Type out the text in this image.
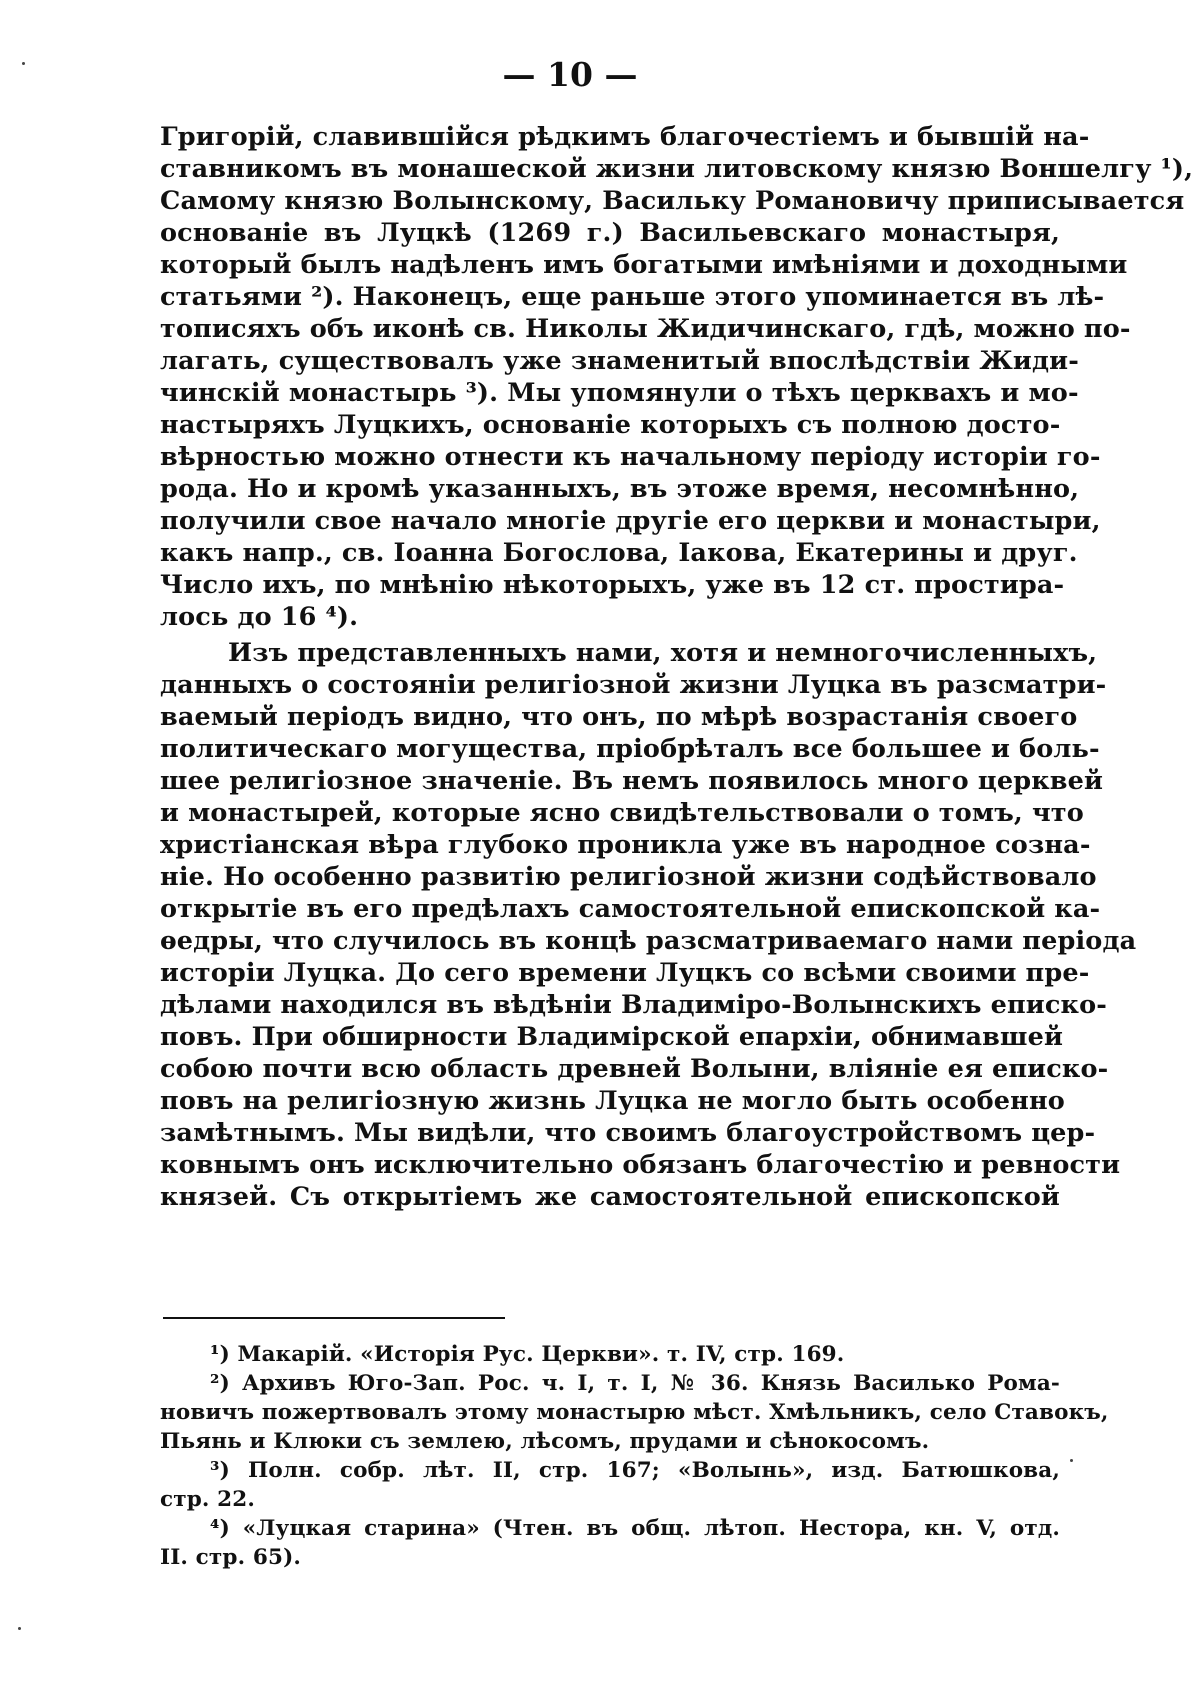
— 10 —

Григорій, славившійся рѣдкимъ благочестіемъ и бывшій на-

ставникомъ въ монашеской жизни литовскому князю Воншелгу ¹),

Самому князю Волынскому, Васильку Романовичу приписывается

основаніе въ Луцкѣ (1269 г.) Васильевскаго монастыря,

который былъ надѣленъ имъ богатыми имѣніями и доходными

статьями ²). Наконецъ, еще раньше этого упоминается въ лѣ-

тописяхъ объ иконѣ св. Николы Жидичинскаго, гдѣ, можно по-

лагать, существовалъ уже знаменитый впослѣдствіи Жиди-

чинскій монастырь ³). Мы упомянули о тѣхъ церквахъ и мо-

настыряхъ Луцкихъ, основаніе которыхъ съ полною досто-

вѣрностью можно отнести къ начальному періоду исторіи го-

рода. Но и кромѣ указанныхъ, въ этоже время, несомнѣнно,

получили свое начало многіе другіе его церкви и монастыри,

какъ напр., св. Іоанна Богослова, Іакова, Екатерины и друг.

Число ихъ, по мнѣнію нѣкоторыхъ, уже въ 12 ст. простира-

лось до 16 ⁴).

Изъ представленныхъ нами, хотя и немногочисленныхъ,

данныхъ о состояніи религіозной жизни Луцка въ разсматри-

ваемый періодъ видно, что онъ, по мѣрѣ возрастанія своего

политическаго могущества, пріобрѣталъ все большее и боль-

шее религіозное значеніе. Въ немъ появилось много церквей

и монастырей, которые ясно свидѣтельствовали о томъ, что

христіанская вѣра глубоко проникла уже въ народное созна-

ніе. Но особенно развитію религіозной жизни содѣйствовало

открытіе въ его предѣлахъ самостоятельной епископской ка-

ѳедры, что случилось въ концѣ разсматриваемаго нами періода

исторіи Луцка. До сего времени Луцкъ со всѣми своими пре-

дѣлами находился въ вѣдѣніи Владиміро-Волынскихъ еписко-

повъ. При обширности Владимірской епархіи, обнимавшей

собою почти всю область древней Волыни, вліяніе ея еписко-

повъ на религіозную жизнь Луцка не могло быть особенно

замѣтнымъ. Мы видѣли, что своимъ благоустройствомъ цер-

ковнымъ онъ исключительно обязанъ благочестію и ревности

князей. Съ открытіемъ же самостоятельной епископской

¹) Макарій. «Исторія Рус. Церкви». т. IV, стр. 169.

²) Архивъ Юго-Зап. Рос. ч. I, т. I, № 36. Князь Василько Рома-

новичъ пожертвовалъ этому монастырю мѣст. Хмѣльникъ, село Ставокъ,

Пьянь и Клюки съ землею, лѣсомъ, прудами и сѣнокосомъ.

³) Полн. собр. лѣт. II, стр. 167; «Волынь», изд. Батюшкова,

стр. 22.

⁴) «Луцкая старина» (Чтен. въ общ. лѣтоп. Нестора, кн. V, отд.

II. стр. 65).
